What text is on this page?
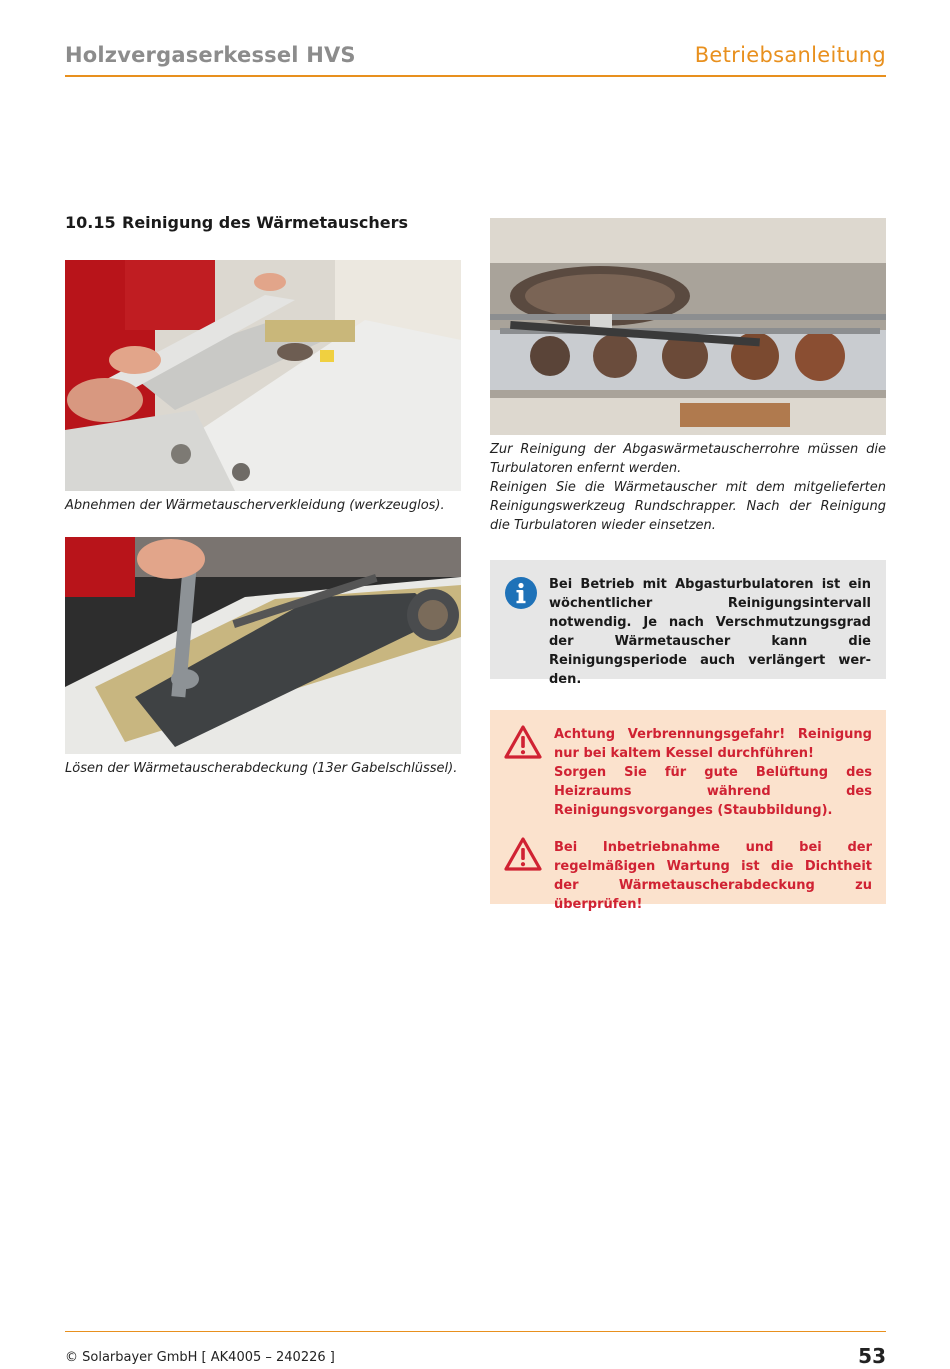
Holzvergaserkessel HVS	Betriebsanleitung
10.15 Reinigung des Wärmetauschers
Abnehmen der Wärmetauscherverkleidung (werkzeuglos).
Lösen der Wärmetauscherabdeckung (13er Gabelschlüssel).
Zur Reinigung der Abgaswärmetauscherrohre müssen die Turbulatoren enfernt werden.
Reinigen Sie die Wärmetauscher mit dem mitgelieferten Reinigungswerkzeug Rundschrapper. Nach der Reinigung die Turbulatoren wieder einsetzen.
Bei Betrieb mit Abgasturbulatoren ist ein wöchentlicher Reinigungsintervall notwendig. Je nach Verschmutzungsgrad der Wärmetauscher kann die Reinigungsperiode auch verlängert werden.
Achtung Verbrennungsgefahr! Reinigung nur bei kaltem Kessel durchführen!
Sorgen Sie für gute Belüftung des Heizraums während des Reinigungsvorganges (Staubbildung).
Bei Inbetriebnahme und bei der regelmäßigen Wartung ist die Dichtheit der Wärmetauscherabdeckung zu überprüfen!
© Solarbayer GmbH [ AK4005 – 240226 ]	53
